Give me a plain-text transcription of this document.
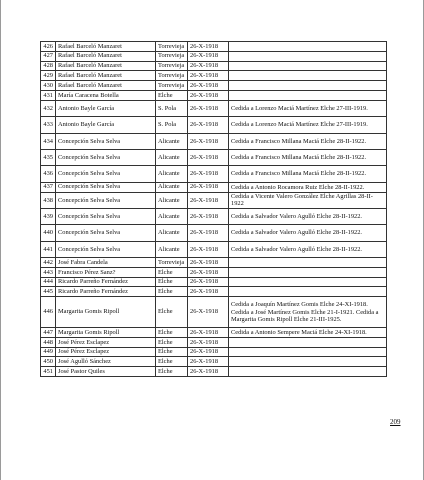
426	Rafael Barceló Manzaret	Torrevieja	26-X-1918	
427	Rafael Barceló Manzaret	Torrevieja	26-X-1918	
428	Rafael Barceló Manzaret	Torrevieja	26-X-1918	
429	Rafael Barceló Manzaret	Torrevieja	26-X-1918	
430	Rafael Barceló Manzaret	Torrevieja	26-X-1918	
431	María Caracena Botella	Elche	26-X-1918	
432	Antonio Bayle García	S. Pola	26-X-1918	Cedida a Lorenzo Maciá Martínez Elche 27-III-1919.
433	Antonio Bayle García	S. Pola	26-X-1918	Cedida a Lorenzo Maciá Martínez Elche 27-III-1919.
434	Concepción Selva Selva	Alicante	26-X-1918	Cedida a Francisco Millana Maciá Elche 28-II-1922.
435	Concepción Selva Selva	Alicante	26-X-1918	Cedida a Francisco Millana Maciá Elche 28-II-1922.
436	Concepción Selva Selva	Alicante	26-X-1918	Cedida a Francisco Millana Maciá Elche 28-II-1922.
437	Concepción Selva Selva	Alicante	26-X-1918	Cedida a Antonio Rocamora Ruiz Elche 28-II-1922.
438	Concepción Selva Selva	Alicante	26-X-1918	Cedida a Vicente Valero González Elche Agrillas 28-II-1922
439	Concepción Selva Selva	Alicante	26-X-1918	Cedida a Salvador Valero Agulló Elche 28-II-1922.
440	Concepción Selva Selva	Alicante	26-X-1918	Cedida a Salvador Valero Agulló Elche 28-II-1922.
441	Concepción Selva Selva	Alicante	26-X-1918	Cedida a Salvador Valero Agulló Elche 28-II-1922.
442	José Fabra Candela	Torrevieja	26-X-1918	
443	Francisco Pérez Sanz?	Elche	26-X-1918	
444	Ricardo Parreño Fernández	Elche	26-X-1918	
445	Ricardo Parreño Fernández	Elche	26-X-1918	
446	Margarita Gomis Ripoll	Elche	26-X-1918	Cedida a Joaquín Martínez Gomis Elche 24-XI-1918. Cedida a José Martínez Gomis Elche 21-I-1921. Cedida a Margarita Gomis Ripoll Elche 21-III-1925.
447	Margarita Gomis Ripoll	Elche	26-X-1918	Cedida a Antonio Sempere Maciá Elche 24-XI-1918.
448	José Pérez Esclapez	Elche	26-X-1918	
449	José Pérez Esclapez	Elche	26-X-1918	
450	José Agulló Sánchez	Elche	26-X-1918	
451	José Pastor Quiles	Elche	26-X-1918	
209
